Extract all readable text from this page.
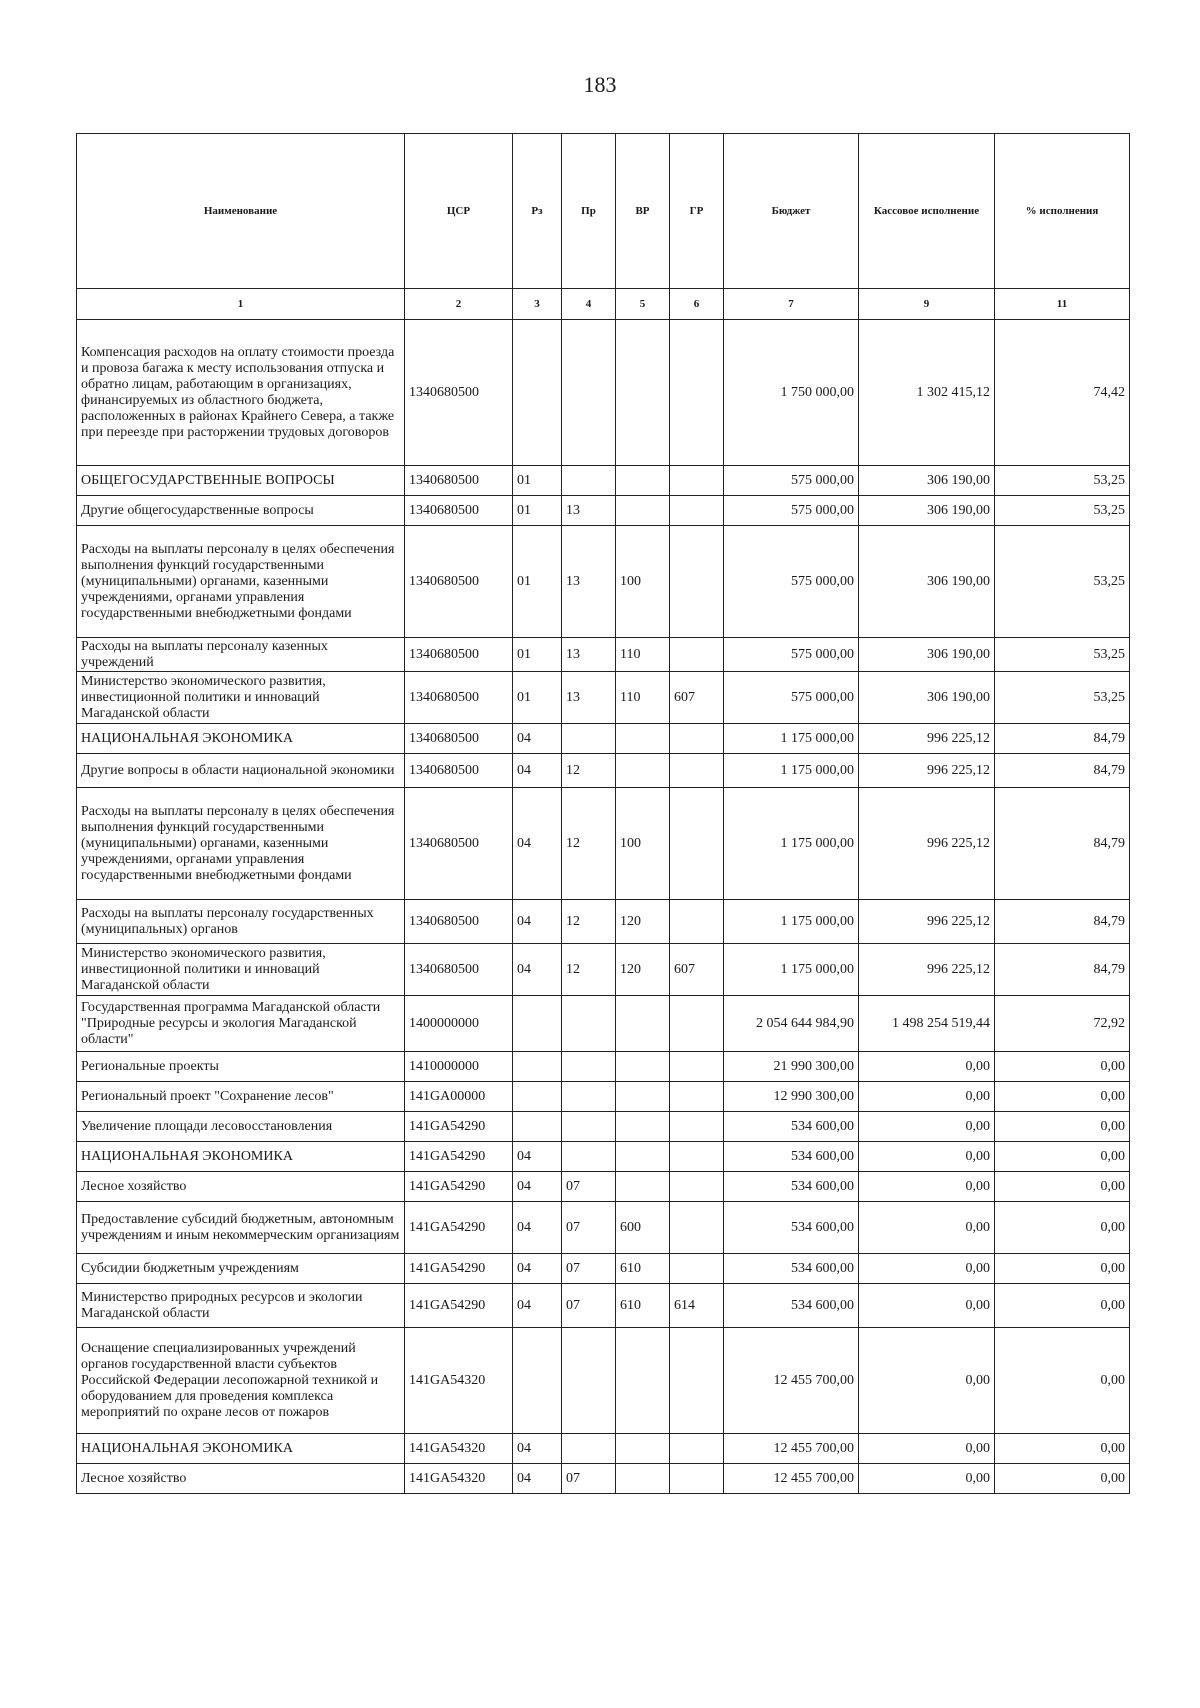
183
Наименование	ЦСР	Рз	Пр	ВР	ГР	Бюджет	Кассовое исполнение	% исполнения
1	2	3	4	5	6	7	9	11
Компенсация расходов на оплату стоимости проезда и провоза багажа к месту использования отпуска и обратно лицам, работающим в организациях, финансируемых из областного бюджета, расположенных в районах Крайнего Севера, а также при переезде при расторжении трудовых договоров	1340680500					1 750 000,00	1 302 415,12	74,42
ОБЩЕГОСУДАРСТВЕННЫЕ ВОПРОСЫ	1340680500	01				575 000,00	306 190,00	53,25
Другие общегосударственные вопросы	1340680500	01	13			575 000,00	306 190,00	53,25
Расходы на выплаты персоналу в целях обеспечения выполнения функций государственными (муниципальными) органами, казенными учреждениями, органами управления государственными внебюджетными фондами	1340680500	01	13	100		575 000,00	306 190,00	53,25
Расходы на выплаты персоналу казенных учреждений	1340680500	01	13	110		575 000,00	306 190,00	53,25
Министерство экономического развития, инвестиционной политики и инноваций Магаданской области	1340680500	01	13	110	607	575 000,00	306 190,00	53,25
НАЦИОНАЛЬНАЯ ЭКОНОМИКА	1340680500	04				1 175 000,00	996 225,12	84,79
Другие вопросы в области национальной экономики	1340680500	04	12			1 175 000,00	996 225,12	84,79
Расходы на выплаты персоналу в целях обеспечения выполнения функций государственными (муниципальными) органами, казенными учреждениями, органами управления государственными внебюджетными фондами	1340680500	04	12	100		1 175 000,00	996 225,12	84,79
Расходы на выплаты персоналу государственных (муниципальных) органов	1340680500	04	12	120		1 175 000,00	996 225,12	84,79
Министерство экономического развития, инвестиционной политики и инноваций Магаданской области	1340680500	04	12	120	607	1 175 000,00	996 225,12	84,79
Государственная программа Магаданской области "Природные ресурсы и экология Магаданской области"	1400000000					2 054 644 984,90	1 498 254 519,44	72,92
Региональные проекты	1410000000					21 990 300,00	0,00	0,00
Региональный проект "Сохранение лесов"	141GA00000					12 990 300,00	0,00	0,00
Увеличение площади лесовосстановления	141GA54290					534 600,00	0,00	0,00
НАЦИОНАЛЬНАЯ ЭКОНОМИКА	141GA54290	04				534 600,00	0,00	0,00
Лесное хозяйство	141GA54290	04	07			534 600,00	0,00	0,00
Предоставление субсидий бюджетным, автономным учреждениям и иным некоммерческим организациям	141GA54290	04	07	600		534 600,00	0,00	0,00
Субсидии бюджетным учреждениям	141GA54290	04	07	610		534 600,00	0,00	0,00
Министерство природных ресурсов и экологии Магаданской области	141GA54290	04	07	610	614	534 600,00	0,00	0,00
Оснащение специализированных учреждений органов государственной власти субъектов Российской Федерации лесопожарной техникой и оборудованием для проведения комплекса мероприятий по охране лесов от пожаров	141GA54320					12 455 700,00	0,00	0,00
НАЦИОНАЛЬНАЯ ЭКОНОМИКА	141GA54320	04				12 455 700,00	0,00	0,00
Лесное хозяйство	141GA54320	04	07			12 455 700,00	0,00	0,00
